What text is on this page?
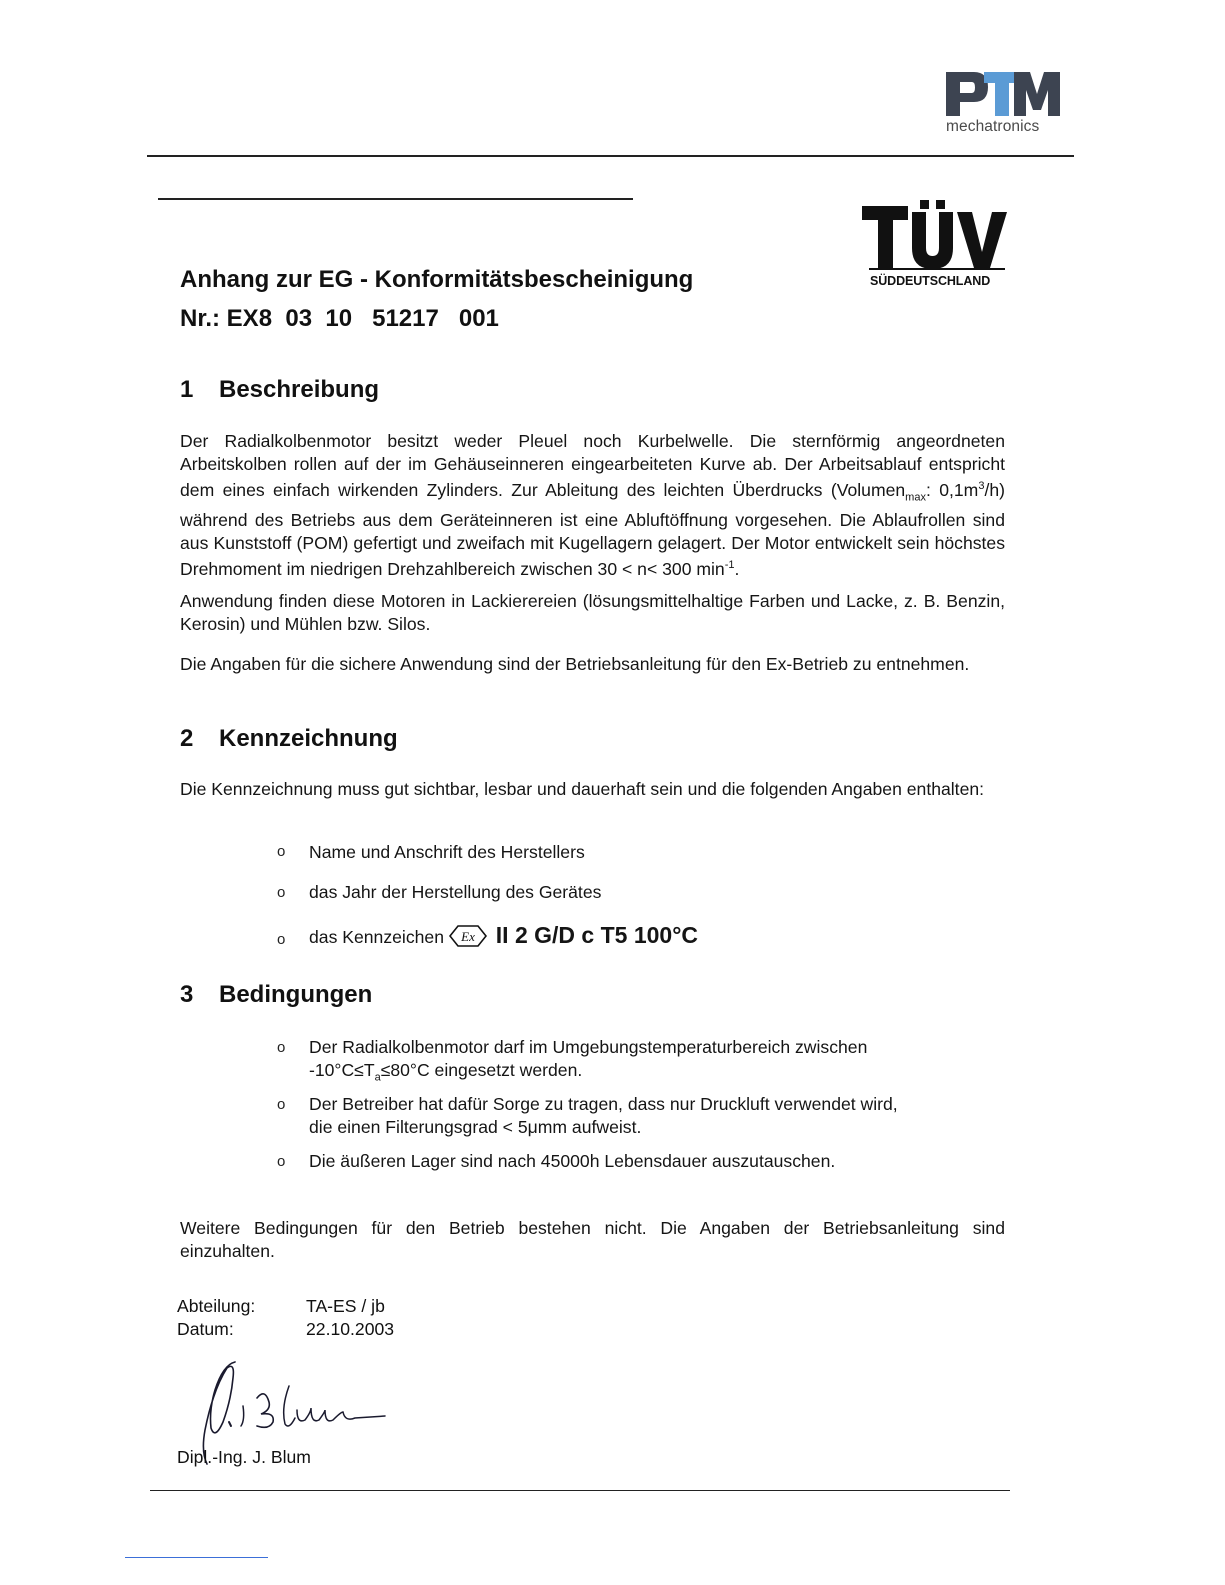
mechatronics
SÜDDEUTSCHLAND
Anhang zur EG - Konformitätsbescheinigung
Nr.: EX8  03  10   51217   001
1 Beschreibung
Der Radialkolbenmotor besitzt weder Pleuel noch Kurbelwelle. Die sternförmig angeordneten Arbeitskolben rollen auf der im Gehäuseinneren eingearbeiteten Kurve ab. Der Arbeitsablauf entspricht dem eines einfach wirkenden Zylinders. Zur Ableitung des leichten Überdrucks (Volumen$_{max}$: $0,1m^3/h$) während des Betriebs aus dem Geräteinneren ist eine Abluftöffnung vorgesehen. Die Ablaufrollen sind aus Kunststoff (POM) gefertigt und zweifach mit Kugellagern gelagert. Der Motor entwickelt sein höchstes Drehmoment im niedrigen Drehzahlbereich zwischen 30 < n< 300 $\min^{-1}$.
Anwendung finden diese Motoren in Lackierereien (lösungsmittelhaltige Farben und Lacke, z. B. Benzin, Kerosin) und Mühlen bzw. Silos.
Die Angaben für die sichere Anwendung sind der Betriebsanleitung für den Ex-Betrieb zu entnehmen.
2 Kennzeichnung
Die Kennzeichnung muss gut sichtbar, lesbar und dauerhaft sein und die folgenden Angaben enthalten:
o Name und Anschrift des Herstellers
o das Jahr der Herstellung des Gerätes
o das Kennzeichen Ex II 2 G/D c T5 100°C
3 Bedingungen
o Der Radialkolbenmotor darf im Umgebungstemperaturbereich zwischen
$-10^\circ C\le T_a\le 80^\circ C$ eingesetzt werden.
o Der Betreiber hat dafür Sorge zu tragen, dass nur Druckluft verwendet wird,
die einen Filterungsgrad < 5μmm aufweist.
o Die äußeren Lager sind nach 45000h Lebensdauer auszutauschen.
Weitere Bedingungen für den Betrieb bestehen nicht. Die Angaben der Betriebsanleitung sind einzuhalten.
Abteilung:	TA-ES / jb
Datum:	22.10.2003
Dipl.-Ing. J. Blum
